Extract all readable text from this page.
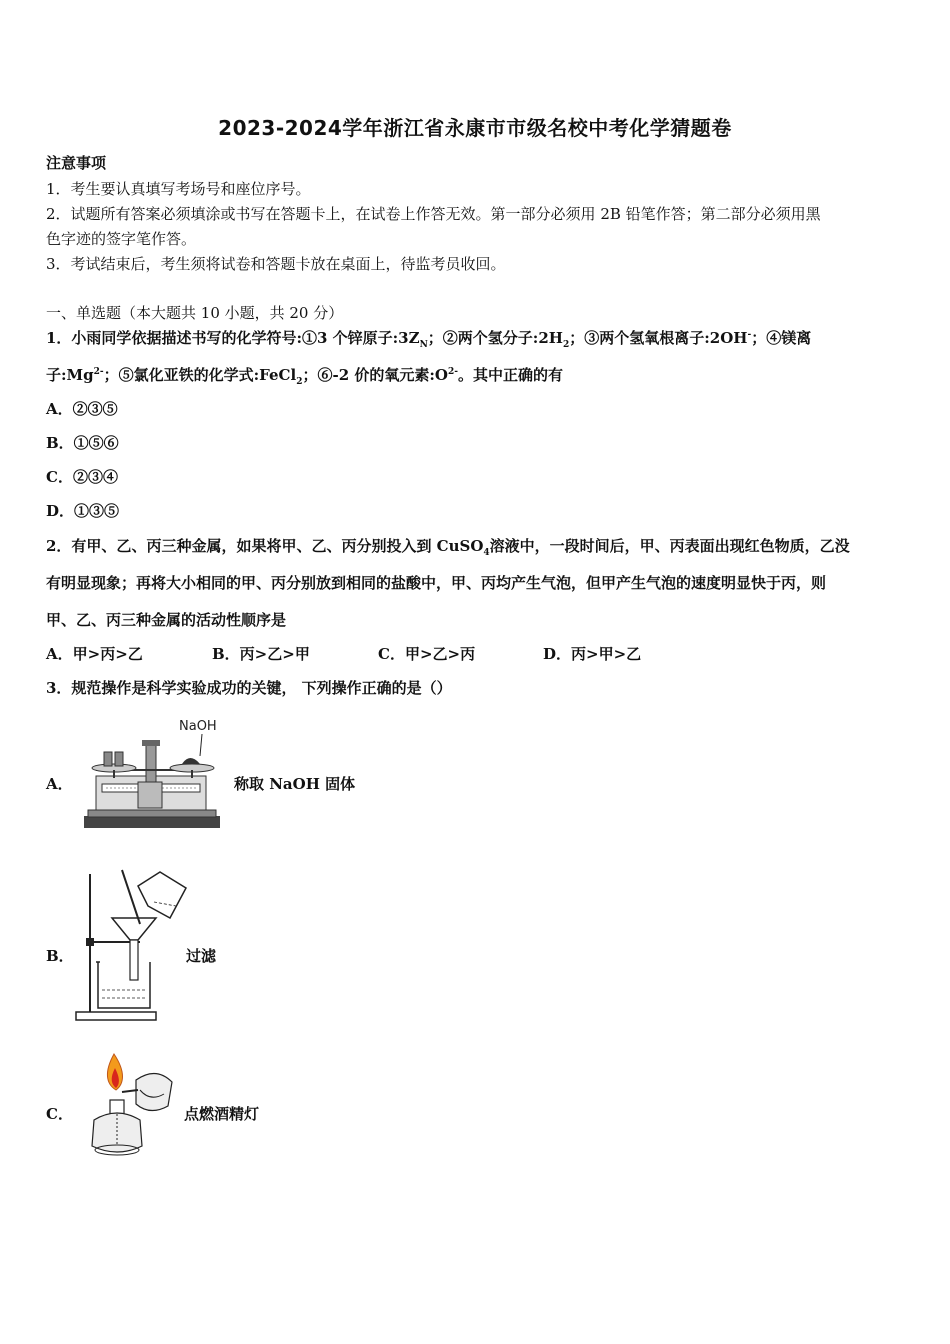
2023-2024学年浙江省永康市市级名校中考化学猜题卷
注意事项
1．考生要认真填写考场号和座位序号。
2．试题所有答案必须填涂或书写在答题卡上，在试卷上作答无效。第一部分必须用 2B 铅笔作答；第二部分必须用黑
色字迹的签字笔作答。
3．考试结束后，考生须将试卷和答题卡放在桌面上，待监考员收回。
一、单选题（本大题共 10 小题，共 20 分）
1．小雨同学依据描述书写的化学符号:①3 个锌原子$:3Z_N$；②两个氢分子$:2H_2$；③两个氢氧根离子:2OH-；④镁离
子$:Mg^{2-}$；⑤氯化亚铁的化学式:FeCl$_2$；⑥-2 价的氧元素$:O^{2-}$。其中正确的有
A．②③⑤
B．①⑤⑥
C．②③④
D．①③⑤
2．有甲、乙、丙三种金属，如果将甲、乙、丙分别投入到 CuSO$_4$溶液中，一段时间后，甲、丙表面出现红色物质，乙没
有明显现象；再将大小相同的甲、丙分别放到相同的盐酸中，甲、丙均产生气泡，但甲产生气泡的速度明显快于丙，则
甲、乙、丙三种金属的活动性顺序是
A．甲>丙>乙	B．丙>乙>甲	C．甲>乙>丙	D．丙>甲>乙
3．规范操作是科学实验成功的关键， 下列操作正确的是（）
A．
NaOH
称取 NaOH 固体
B．	过滤
C．	点燃酒精灯
